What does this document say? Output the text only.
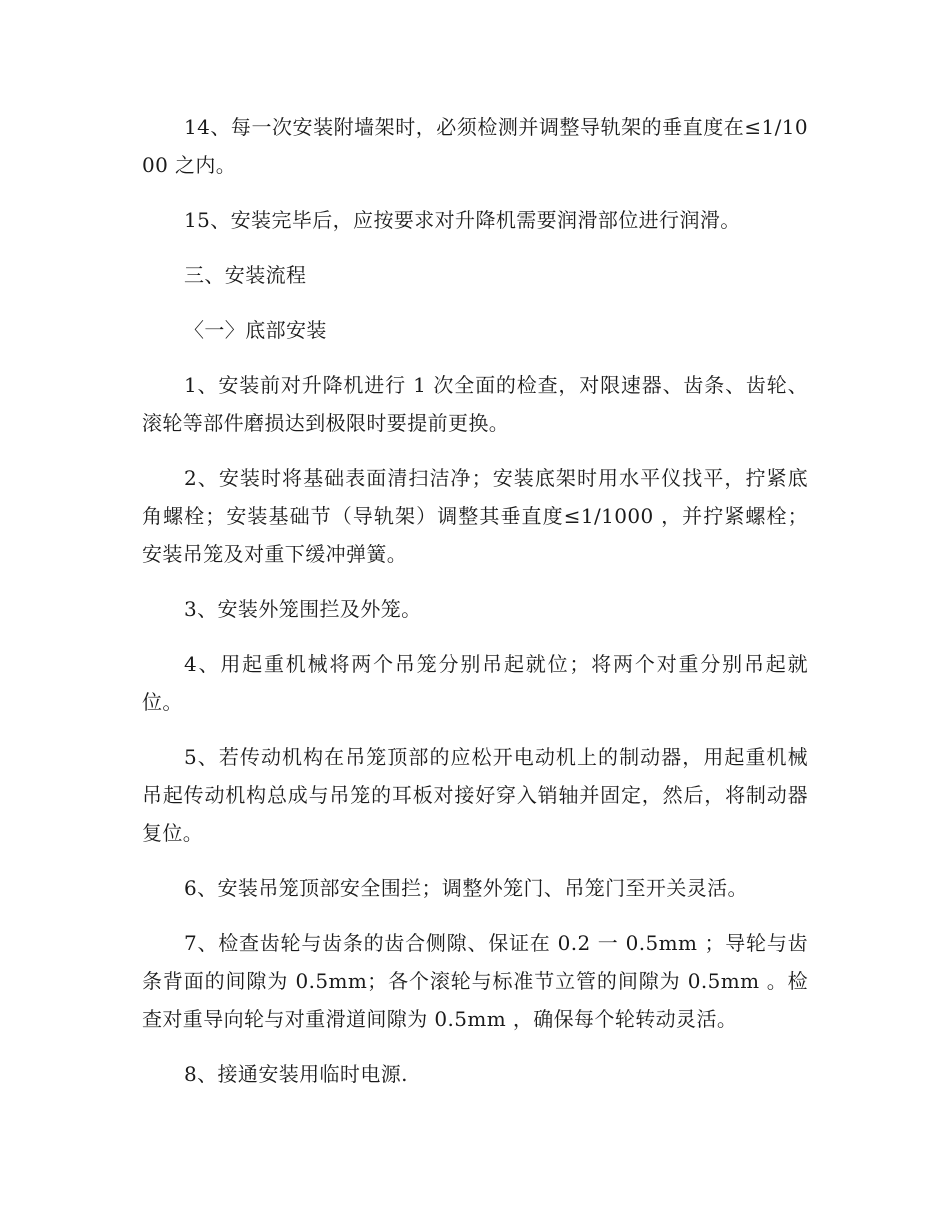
14、每一次安装附墙架时，必须检测并调整导轨架的垂直度在≤1/1000 之内。

15、安装完毕后，应按要求对升降机需要润滑部位进行润滑。

三、安装流程

〈一〉底部安装

1、安装前对升降机进行 1 次全面的检查，对限速器、齿条、齿轮、滚轮等部件磨损达到极限时要提前更换。

2、安装时将基础表面清扫洁净；安装底架时用水平仪找平，拧紧底角螺栓；安装基础节（导轨架）调整其垂直度≤1/1000 ，并拧紧螺栓；安装吊笼及对重下缓冲弹簧。

3、安装外笼围拦及外笼。

4、用起重机械将两个吊笼分别吊起就位；将两个对重分别吊起就位。

5、若传动机构在吊笼顶部的应松开电动机上的制动器，用起重机械吊起传动机构总成与吊笼的耳板对接好穿入销轴并固定，然后，将制动器复位。

6、安装吊笼顶部安全围拦；调整外笼门、吊笼门至开关灵活。

7、检查齿轮与齿条的齿合侧隙、保证在 0.2 一 0.5mm ；导轮与齿条背面的间隙为 0.5mm；各个滚轮与标准节立管的间隙为 0.5mm 。检查对重导向轮与对重滑道间隙为 0.5mm ，确保每个轮转动灵活。

8、接通安装用临时电源.
